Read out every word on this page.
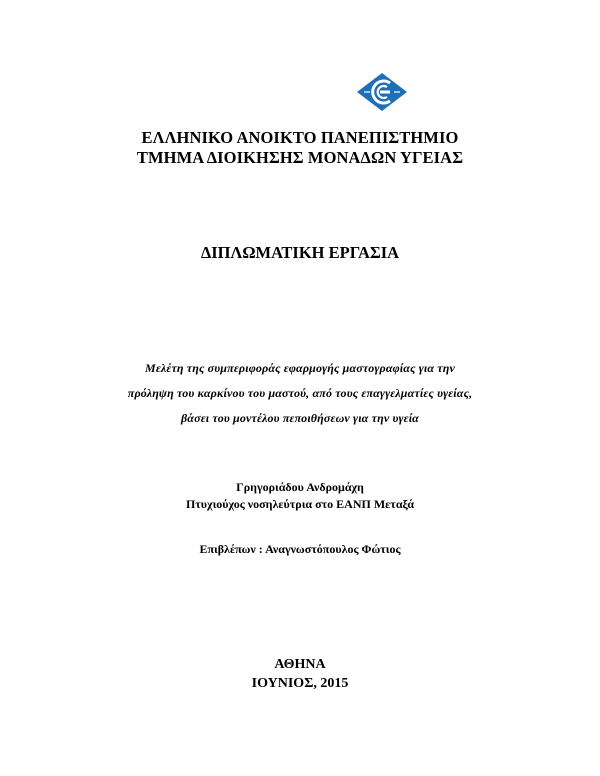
ΕΛΛΗΝΙΚΟ ΑΝΟΙΚΤΟ ΠΑΝΕΠΙΣΤΗΜΙΟ
ΤΜΗΜΑ ΔΙΟΙΚΗΣΗΣ ΜΟΝΑΔΩΝ ΥΓΕΙΑΣ
ΔΙΠΛΩΜΑΤΙΚΗ ΕΡΓΑΣΙΑ
Μελέτη της συμπεριφοράς εφαρμογής μαστογραφίας για την
πρόληψη του καρκίνου του μαστού, από τους επαγγελματίες υγείας,
βάσει του μοντέλου πεποιθήσεων για την υγεία
Γρηγοριάδου Ανδρομάχη
Πτυχιούχος νοσηλεύτρια στο ΕΑΝΠ Μεταξά
Επιβλέπων : Αναγνωστόπουλος Φώτιος
ΑΘΗΝΑ
ΙΟΥΝΙΟΣ, 2015
